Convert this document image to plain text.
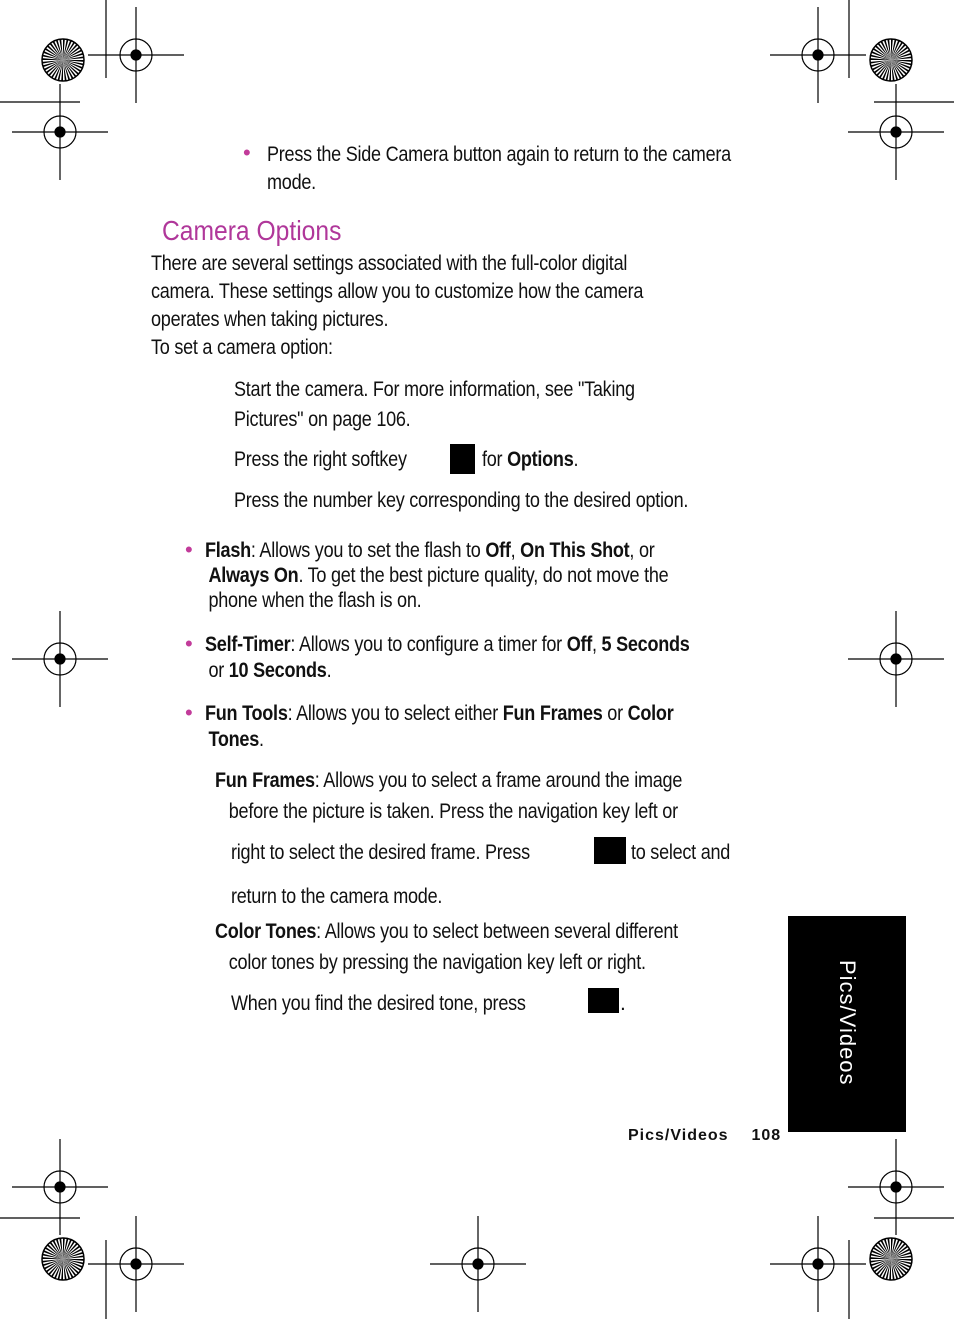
• Press the Side Camera button again to return to the camera mode.
Camera Options
There are several settings associated with the full-color digital
camera. These settings allow you to customize how the camera
operates when taking pictures.
To set a camera option:
Start the camera. For more information, see "Taking
Pictures" on page 106.
Press the right softkey	for Options.
Press the number key corresponding to the desired option.
• Flash: Allows you to set the flash to Off, On This Shot, or
Always On. To get the best picture quality, do not move the
phone when the flash is on.
• Self-Timer: Allows you to configure a timer for Off, 5 Seconds
or 10 Seconds.
• Fun Tools: Allows you to select either Fun Frames or Color
Tones.
Fun Frames: Allows you to select a frame around the image
before the picture is taken. Press the navigation key left or
right to select the desired frame. Press	to select and
return to the camera mode.
Color Tones: Allows you to select between several different
color tones by pressing the navigation key left or right.
When you find the desired tone, press	.	Pics/Videos
Pics/Videos 108
